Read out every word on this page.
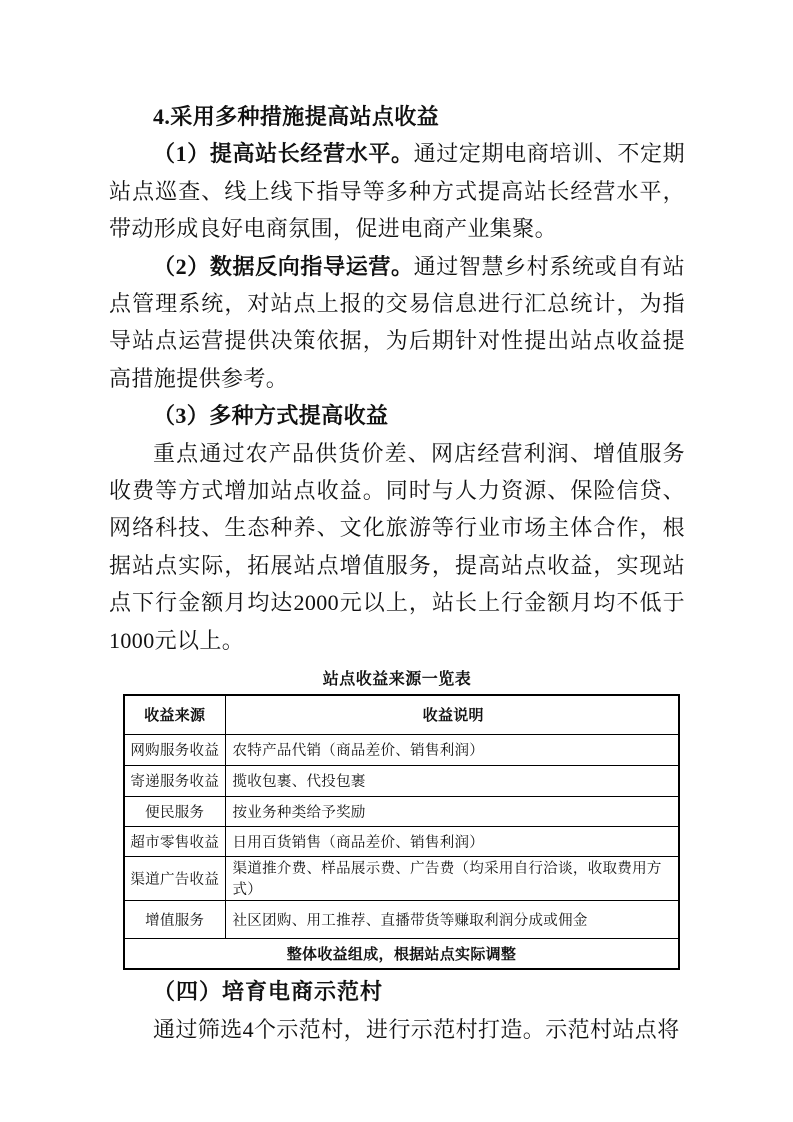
4.采用多种措施提高站点收益

（1）提高站长经营水平。通过定期电商培训、不定期站点巡查、线上线下指导等多种方式提高站长经营水平，带动形成良好电商氛围，促进电商产业集聚。

（2）数据反向指导运营。通过智慧乡村系统或自有站点管理系统，对站点上报的交易信息进行汇总统计，为指导站点运营提供决策依据，为后期针对性提出站点收益提高措施提供参考。

（3）多种方式提高收益

重点通过农产品供货价差、网店经营利润、增值服务收费等方式增加站点收益。同时与人力资源、保险信贷、网络科技、生态种养、文化旅游等行业市场主体合作，根据站点实际，拓展站点增值服务，提高站点收益，实现站点下行金额月均达2000元以上，站长上行金额月均不低于1000元以上。

站点收益来源一览表

收益来源	收益说明
网购服务收益	农特产品代销（商品差价、销售利润）
寄递服务收益	揽收包裹、代投包裹
便民服务	按业务种类给予奖励
超市零售收益	日用百货销售（商品差价、销售利润）
渠道广告收益	渠道推介费、样品展示费、广告费（均采用自行洽谈，收取费用方式）
增值服务	社区团购、用工推荐、直播带货等赚取利润分成或佣金
整体收益组成，根据站点实际调整	

（四）培育电商示范村

通过筛选4个示范村，进行示范村打造。示范村站点将
